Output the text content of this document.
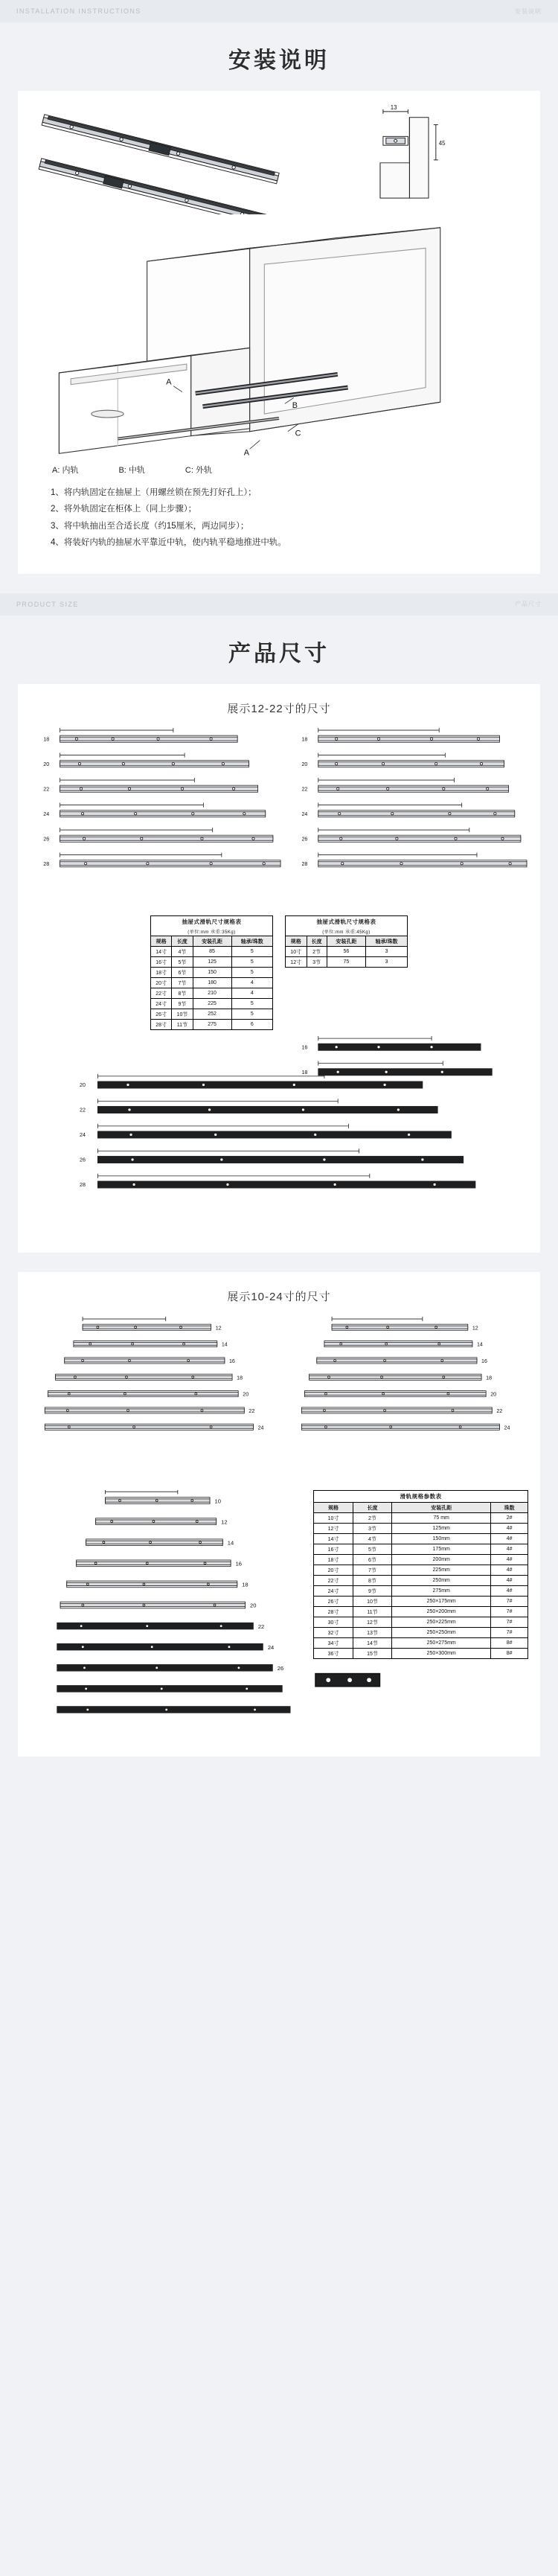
INSTALLATION INSTRUCTIONS	安装说明
安装说明
13
45
A
B
C
A
A: 内轨	B: 中轨	C: 外轨
1、将内轨固定在抽屉上（用螺丝锁在预先打好孔上）；
2、将外轨固定在柜体上（同上步骤）；
3、将中轨抽出至合适长度（约15厘米，两边同步）；
4、将装好内轨的抽屉水平靠近中轨，使内轨平稳地推进中轨。
PRODUCT SIZE	产品尺寸
产品尺寸
展示12-22寸的尺寸
18
20
22
24
26
28
18
20
22
24
26
28
抽屉式滑轨尺寸规格表
(单位:mm 承重:35Kg)
规格	长度	安装孔距	轴承/珠数
14寸	4节	85	5
16寸	5节	125	5
18寸	6节	150	5
20寸	7节	180	4
22寸	8节	210	4
24寸	9节	225	5
26寸	10节	252	5
28寸	11节	275	6
抽屉式滑轨尺寸规格表
(单位:mm 承重:45Kg)
规格	长度	安装孔距	轴承/珠数
10寸	2节	56	3
12寸	3节	75	3
16
18
20
22
24
26
28
展示10-24寸的尺寸
12
14
16
18
20
22
24
12
14
16
18
20
22
24
10
12
14
16
18
20
22
24
26
滑轨规格参数表
规格	长度	安装孔距	珠数
10寸	2节	75 mm	2#
12寸	3节	125mm	4#
14寸	4节	150mm	4#
16寸	5节	175mm	4#
18寸	6节	200mm	4#
20寸	7节	225mm	4#
22寸	8节	250mm	4#
24寸	9节	275mm	4#
26寸	10节	250×175mm	7#
28寸	11节	250×200mm	7#
30寸	12节	250×225mm	7#
32寸	13节	250×250mm	7#
34寸	14节	250×275mm	8#
36寸	15节	250×300mm	8#
